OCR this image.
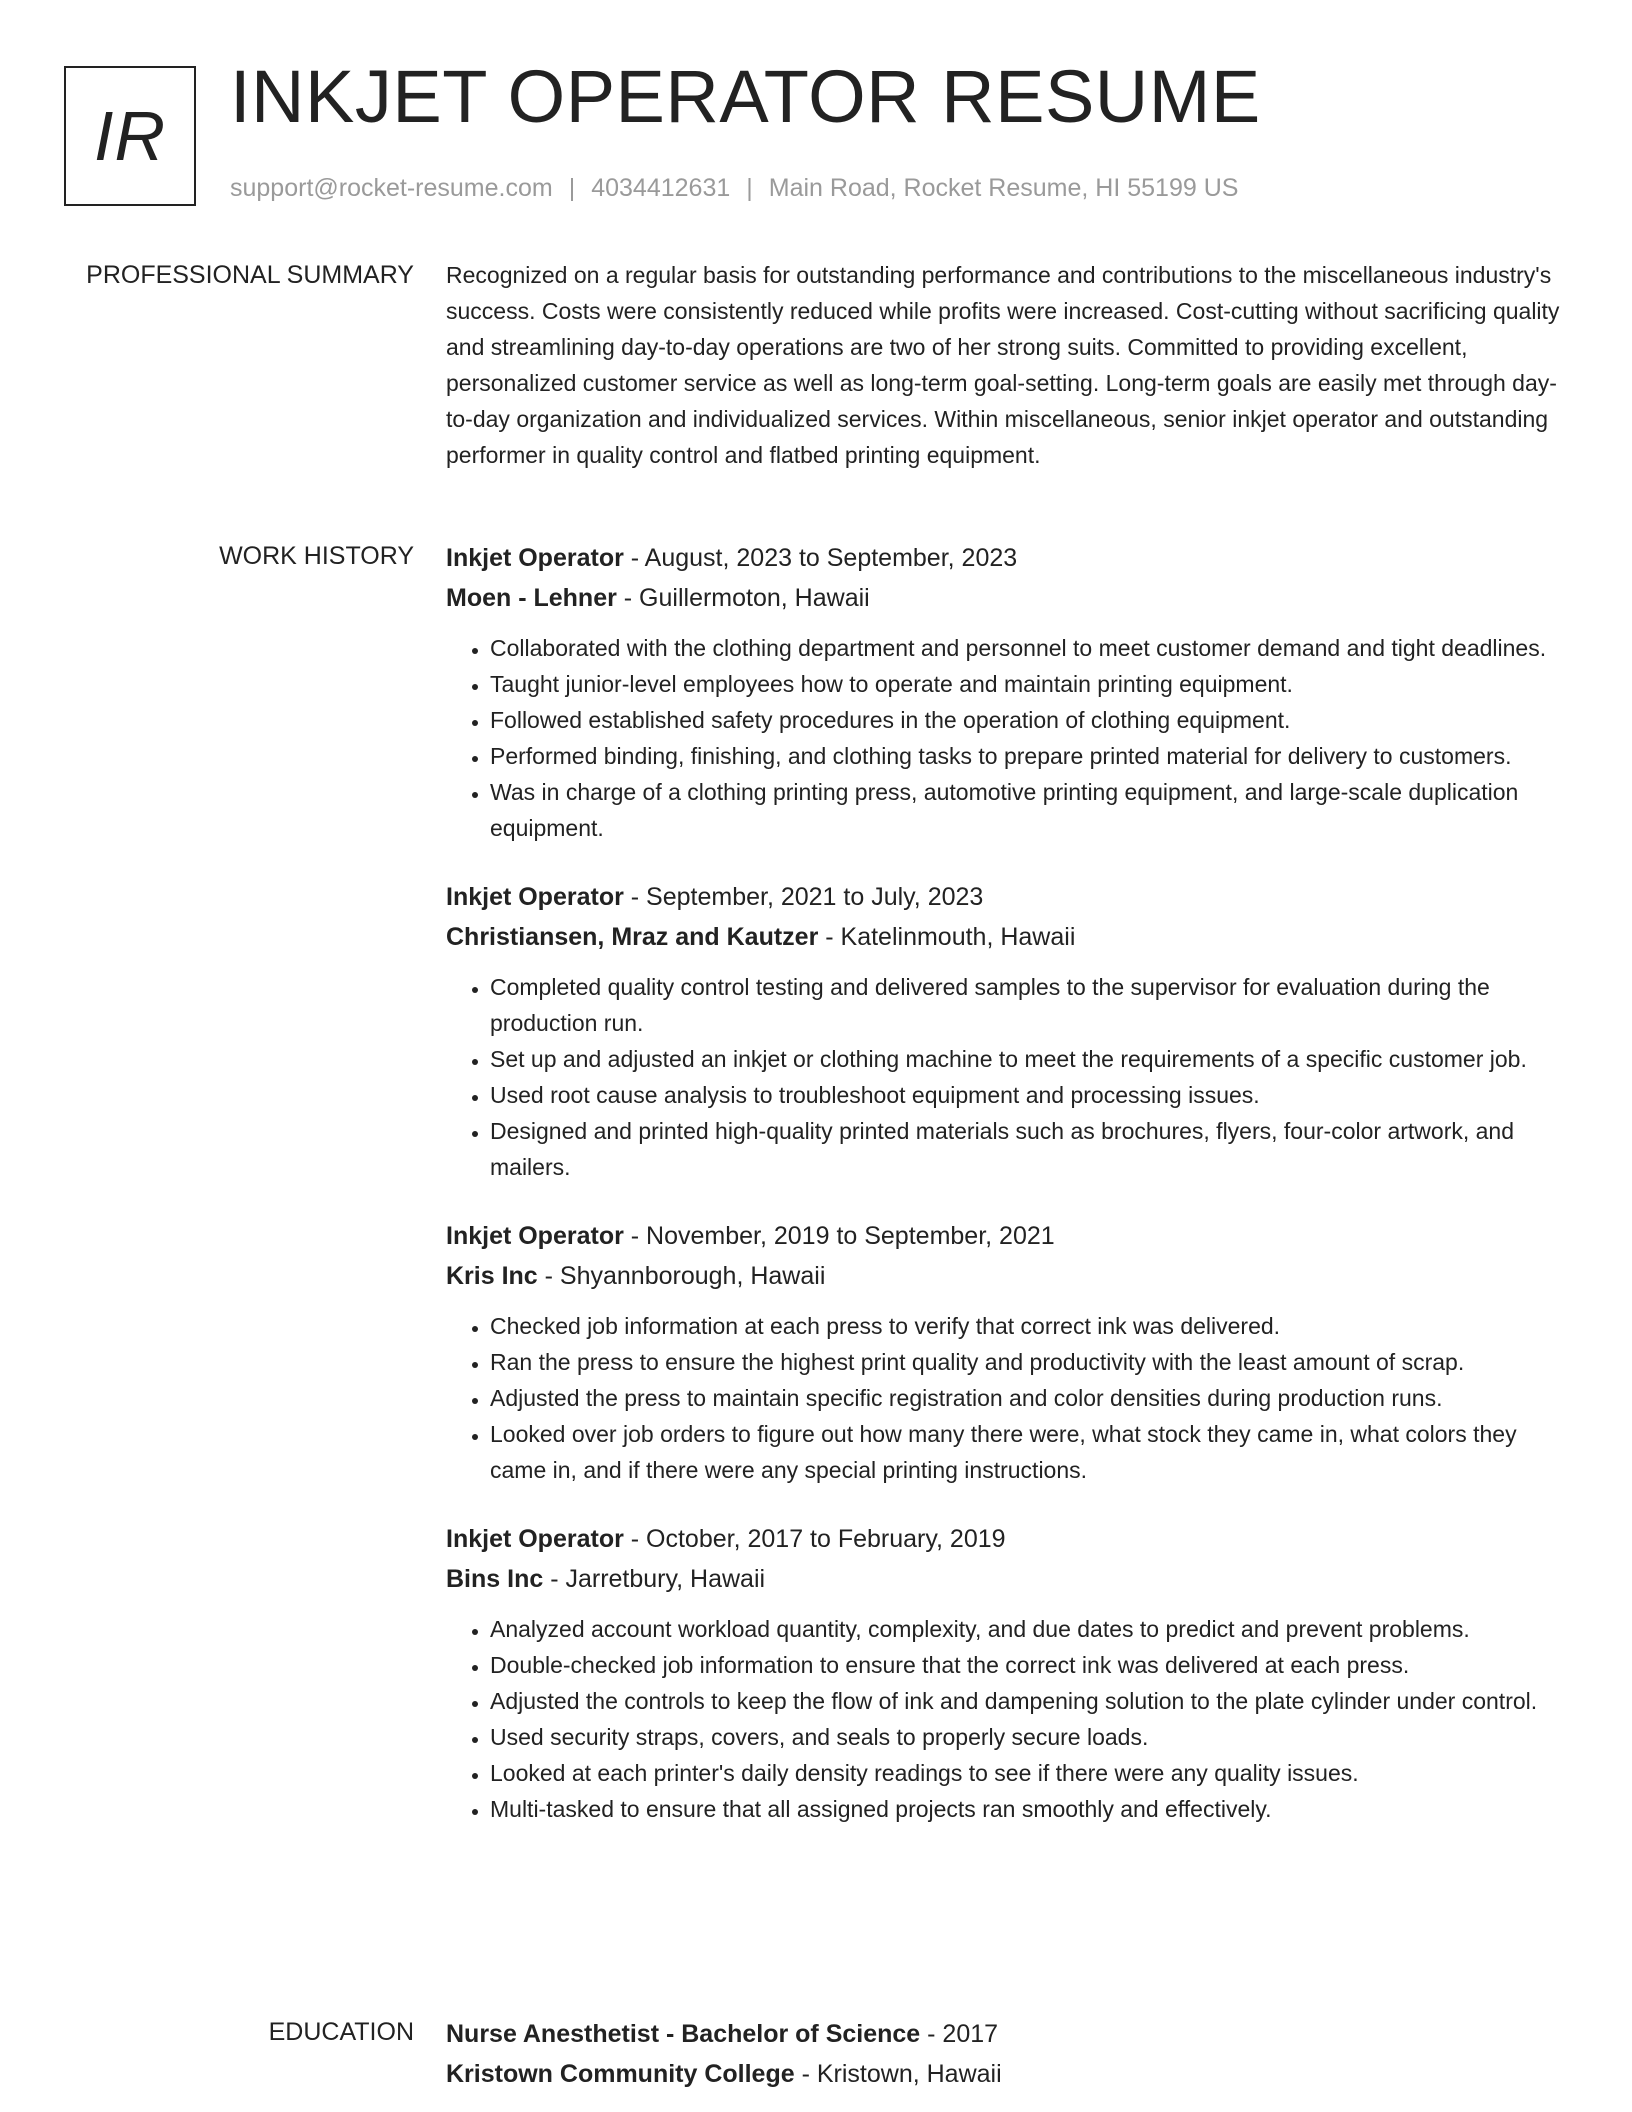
IR INKJET OPERATOR RESUME
support@rocket-resume.com | 4034412631 | Main Road, Rocket Resume, HI 55199 US
PROFESSIONAL SUMMARY Recognized on a regular basis for outstanding performance and contributions to the miscellaneous industry's success. Costs were consistently reduced while profits were increased. Cost-cutting without sacrificing quality and streamlining day-to-day operations are two of her strong suits. Committed to providing excellent, personalized customer service as well as long-term goal-setting. Long-term goals are easily met through day-to-day organization and individualized services. Within miscellaneous, senior inkjet operator and outstanding performer in quality control and flatbed printing equipment.

WORK HISTORY Inkjet Operator - August, 2023 to September, 2023
Moen - Lehner - Guillermoton, Hawaii
• Collaborated with the clothing department and personnel to meet customer demand and tight deadlines.
• Taught junior-level employees how to operate and maintain printing equipment.
• Followed established safety procedures in the operation of clothing equipment.
• Performed binding, finishing, and clothing tasks to prepare printed material for delivery to customers.
• Was in charge of a clothing printing press, automotive printing equipment, and large-scale duplication equipment.
Inkjet Operator - September, 2021 to July, 2023
Christiansen, Mraz and Kautzer - Katelinmouth, Hawaii
• Completed quality control testing and delivered samples to the supervisor for evaluation during the production run.
• Set up and adjusted an inkjet or clothing machine to meet the requirements of a specific customer job.
• Used root cause analysis to troubleshoot equipment and processing issues.
• Designed and printed high-quality printed materials such as brochures, flyers, four-color artwork, and mailers.
Inkjet Operator - November, 2019 to September, 2021
Kris Inc - Shyannborough, Hawaii
• Checked job information at each press to verify that correct ink was delivered.
• Ran the press to ensure the highest print quality and productivity with the least amount of scrap.
• Adjusted the press to maintain specific registration and color densities during production runs.
• Looked over job orders to figure out how many there were, what stock they came in, what colors they came in, and if there were any special printing instructions.
Inkjet Operator - October, 2017 to February, 2019
Bins Inc - Jarretbury, Hawaii
• Analyzed account workload quantity, complexity, and due dates to predict and prevent problems.
• Double-checked job information to ensure that the correct ink was delivered at each press.
• Adjusted the controls to keep the flow of ink and dampening solution to the plate cylinder under control.
• Used security straps, covers, and seals to properly secure loads.
• Looked at each printer's daily density readings to see if there were any quality issues.
• Multi-tasked to ensure that all assigned projects ran smoothly and effectively.
EDUCATION Nurse Anesthetist - Bachelor of Science - 2017
Kristown Community College - Kristown, Hawaii
